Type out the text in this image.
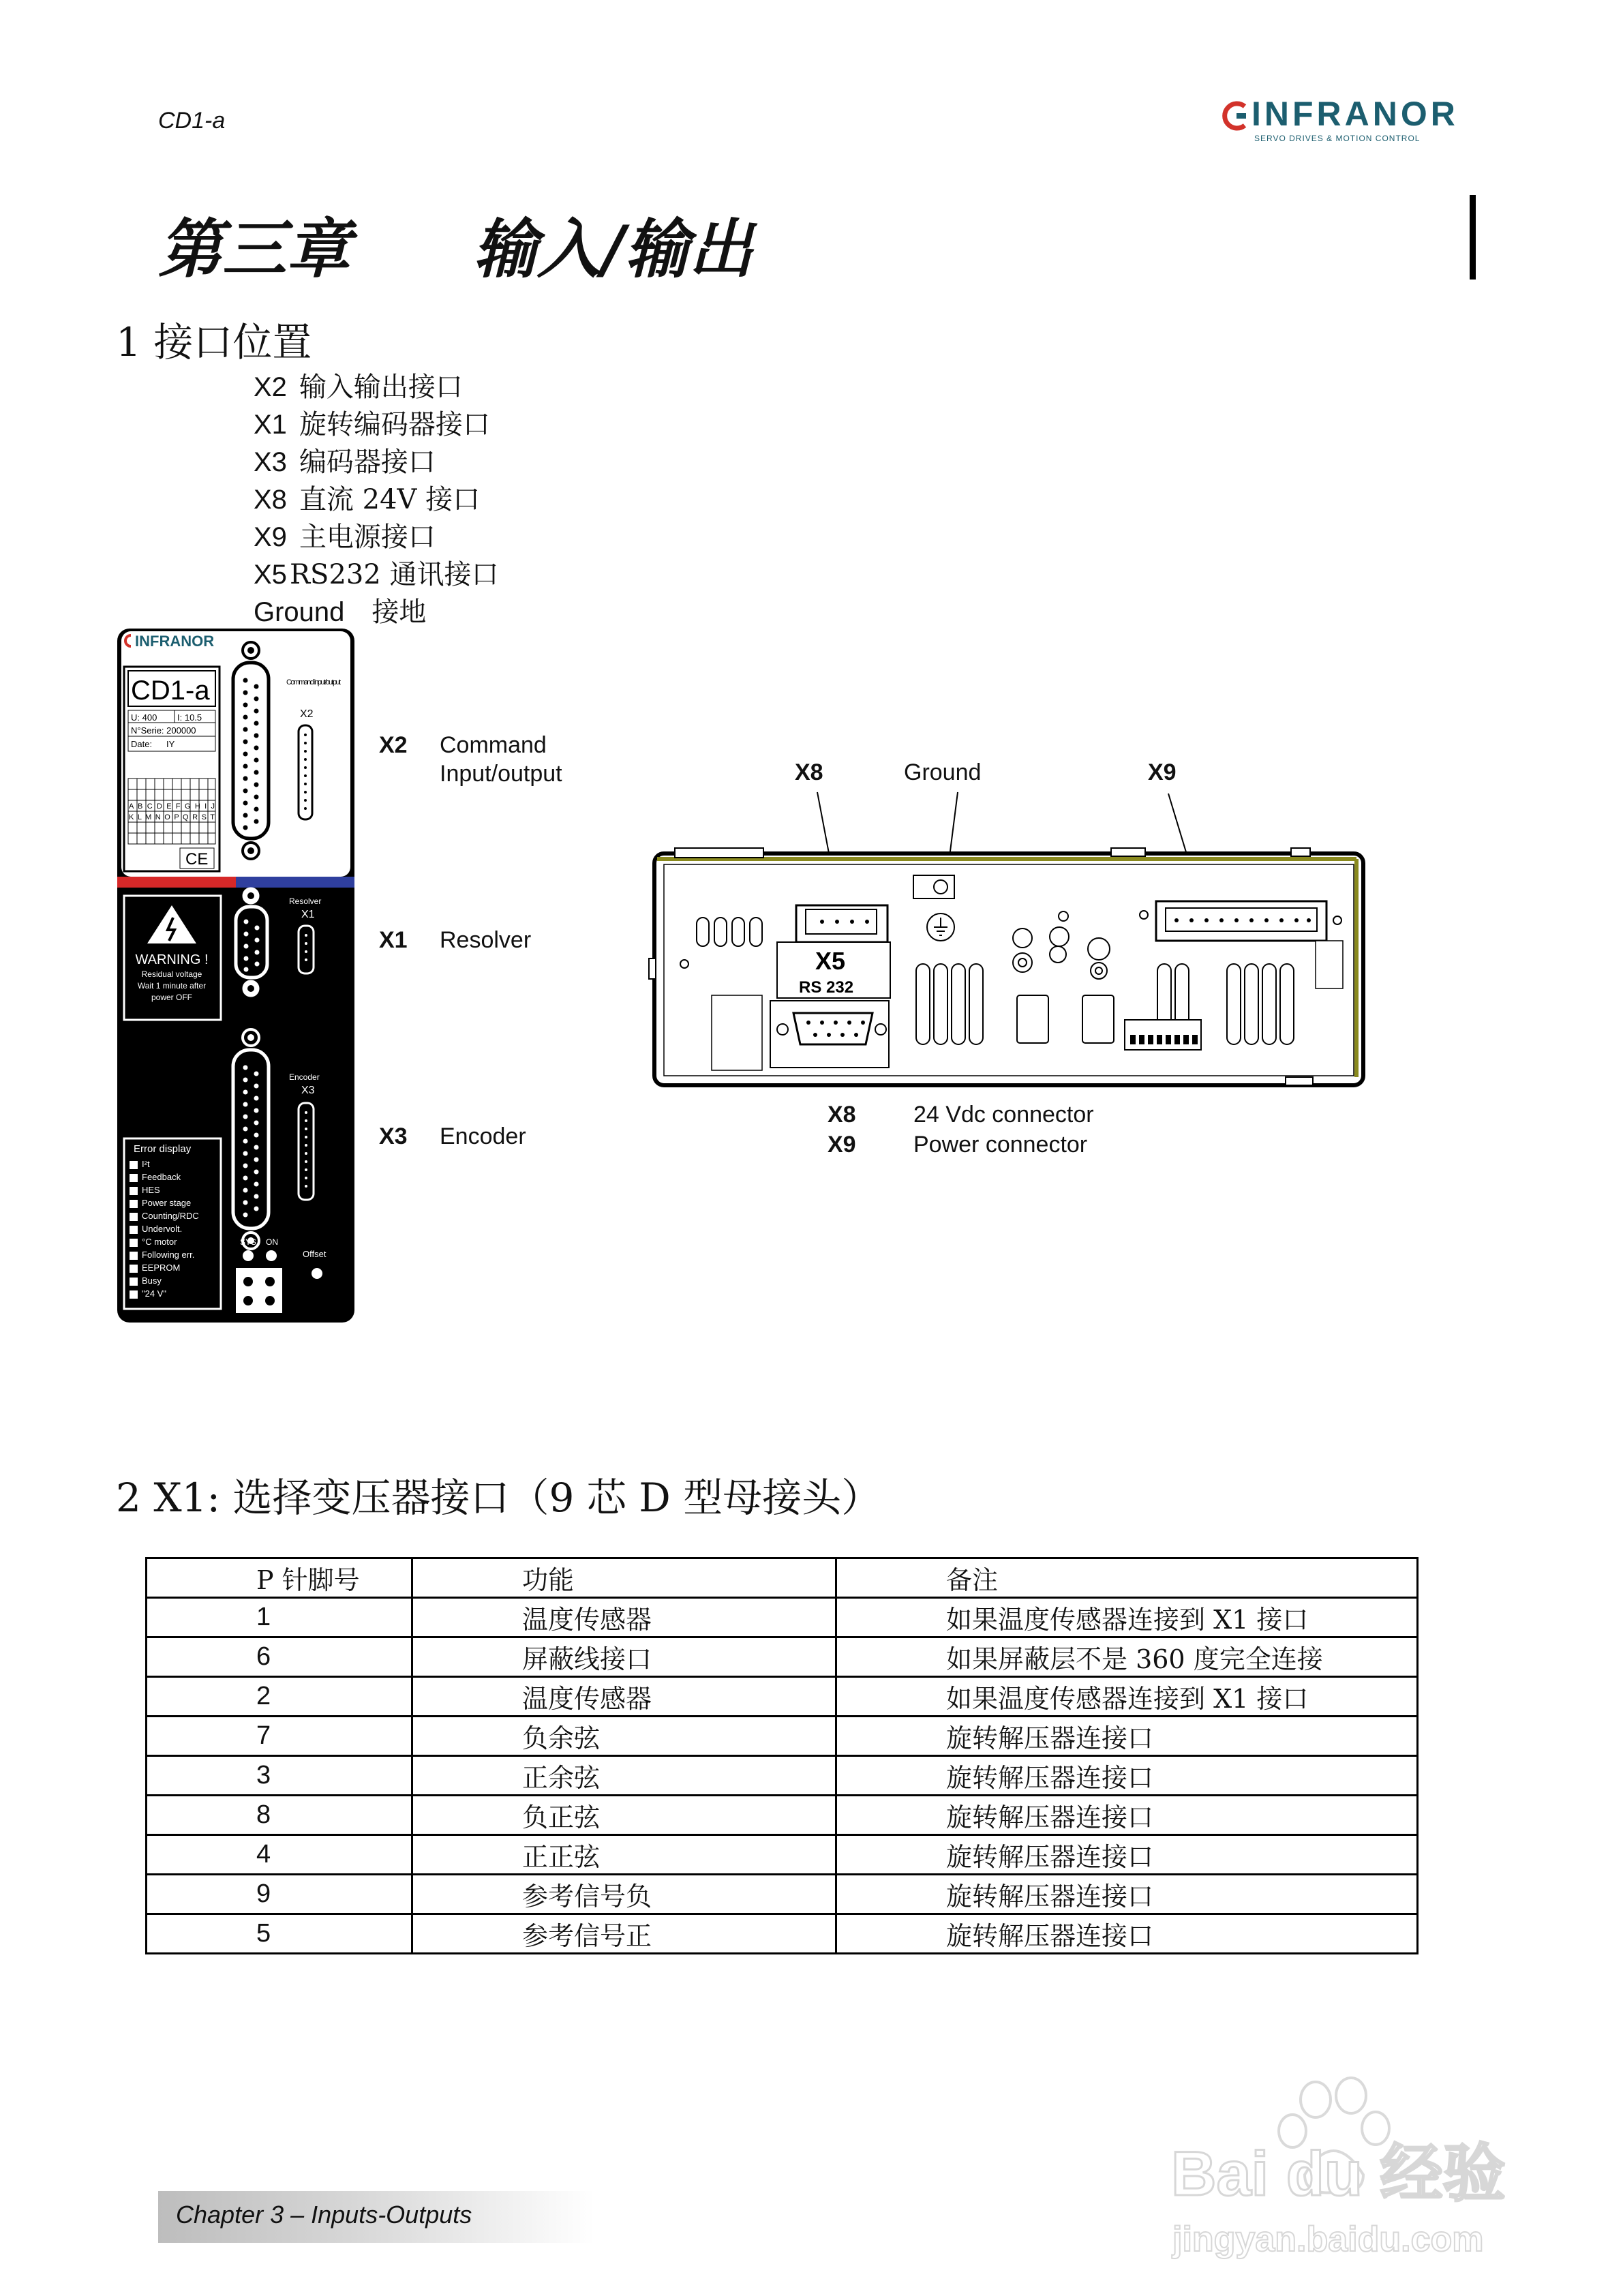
CD1-a	INFRANOR
SERVO DRIVES & MOTION CONTROL
第三章 输入/输出
1 接口位置
X2 输入输出接口
X1 旋转编码器接口
X3 编码器接口
X8 直流 24V 接口
X9 主电源接口
X5 RS232 通讯接口
Ground 接地
INFRANOR
CD1-a
U: 400 I: 10.5
N°Serie: 200000
Date: IY
A B C D E F G H I J
K L M N O P Q R S T
CE
Command input/output
X2
WARNING !
Residual voltage
Wait 1 minute after
power OFF
Resolver
X1
Encoder
X3
Error display
I²t
Feedback
HES
Power stage
Counting/RDC
Undervolt.
°C motor
Following err.
EEPROM
Busy
"24 V"
SYS ON
Offset
X2 Command
Input/output
X1 Resolver
X3 Encoder
X8	Ground	X9
X5
RS 232
X8 24 Vdc connector
X9 Power connector
2 X1: 选择变压器接口（9 芯 D 型母接头）
P 针脚号	功能	备注
1	温度传感器	如果温度传感器连接到 X1 接口
6	屏蔽线接口	如果屏蔽层不是 360 度完全连接
2	温度传感器	如果温度传感器连接到 X1 接口
7	负余弦	旋转解压器连接口
3	正余弦	旋转解压器连接口
8	负正弦	旋转解压器连接口
4	正正弦	旋转解压器连接口
9	参考信号负	旋转解压器连接口
5	参考信号正	旋转解压器连接口
Chapter 3 – Inputs-Outputs
Bai du 经验
jingyan.baidu.com
